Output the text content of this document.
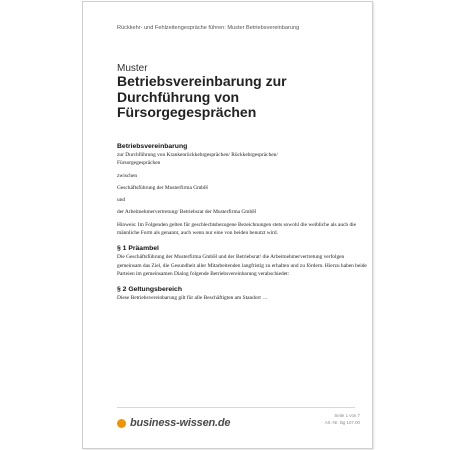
Rückkehr- und Fehlzeitengespräche führen: Muster Betriebsvereinbarung
Muster
Betriebsvereinbarung zur Durchführung von Fürsorgegesprächen

Betriebsvereinbarung

zur Durchführung von Krankenrückkehrgesprächen/ Rückkehrgesprächen/

Fürsorgegesprächen

zwischen

Geschäftsführung der Musterfirma GmbH

und

der Arbeitnehmervertretung/ Betriebsrat der Musterfirma GmbH

Hinweis: Im Folgenden gelten für geschlechtsbezogene Bezeichnungen stets sowohl die weibliche als auch die männliche Form als genannt, auch wenn nur eine von beiden benutzt wird.

§ 1 Präambel

Die Geschäftsführung der Musterfirma GmbH und der Betriebsrat/ die Arbeitnehmervertretung verfolgen gemeinsam das Ziel, die Gesundheit aller Mitarbeitenden langfristig zu erhalten und zu fördern. Hierzu haben beide Parteien im gemeinsamen Dialog folgende Betriebsvereinbarung verabschiedet:

§ 2 Geltungsbereich

Diese Betriebsvereinbarung gilt für alle Beschäftigten am Standort …

business-wissen.de
Seite 1 von 7
Art.-Nr. Bg 107.00
